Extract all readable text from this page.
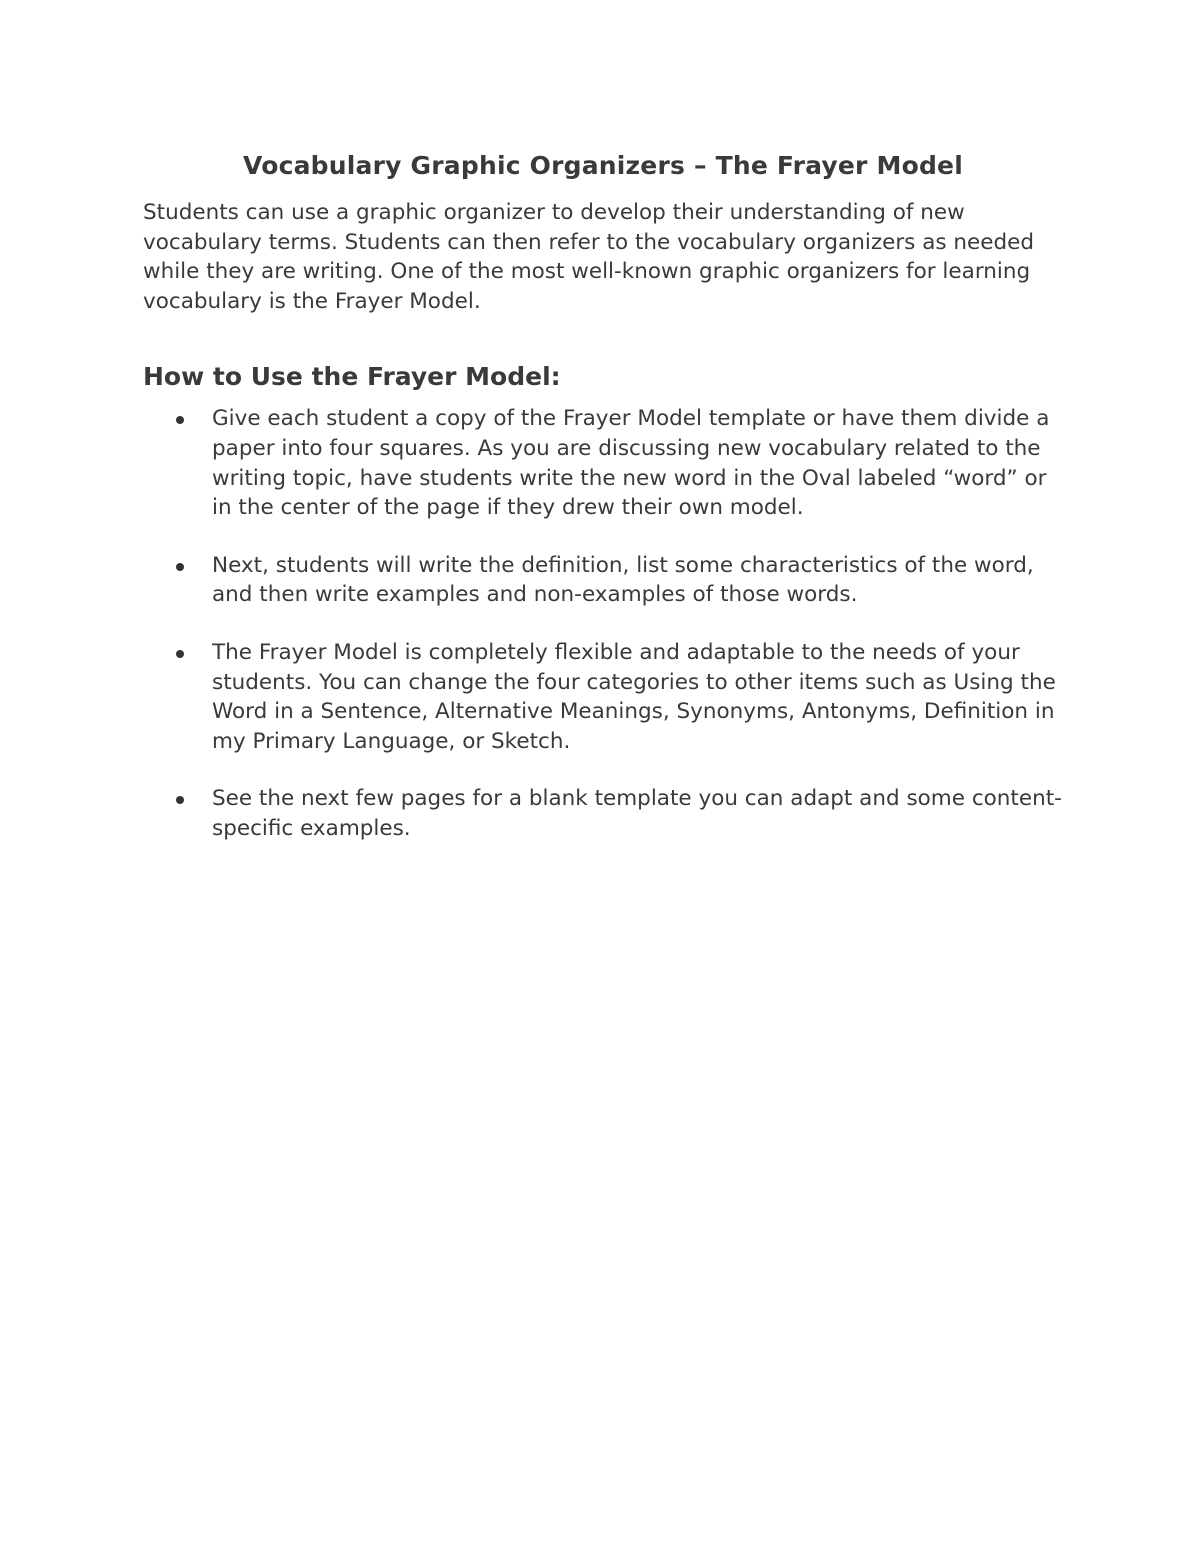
Vocabulary Graphic Organizers – The Frayer Model

Students can use a graphic organizer to develop their understanding of new vocabulary terms. Students can then refer to the vocabulary organizers as needed while they are writing. One of the most well-known graphic organizers for learning vocabulary is the Frayer Model.

How to Use the Frayer Model:
Give each student a copy of the Frayer Model template or have them divide a paper into four squares. As you are discussing new vocabulary related to the writing topic, have students write the new word in the Oval labeled “word” or in the center of the page if they drew their own model.
Next, students will write the definition, list some characteristics of the word, and then write examples and non-examples of those words.
The Frayer Model is completely flexible and adaptable to the needs of your students. You can change the four categories to other items such as Using the Word in a Sentence, Alternative Meanings, Synonyms, Antonyms, Definition in my Primary Language, or Sketch.
See the next few pages for a blank template you can adapt and some content-specific examples.
